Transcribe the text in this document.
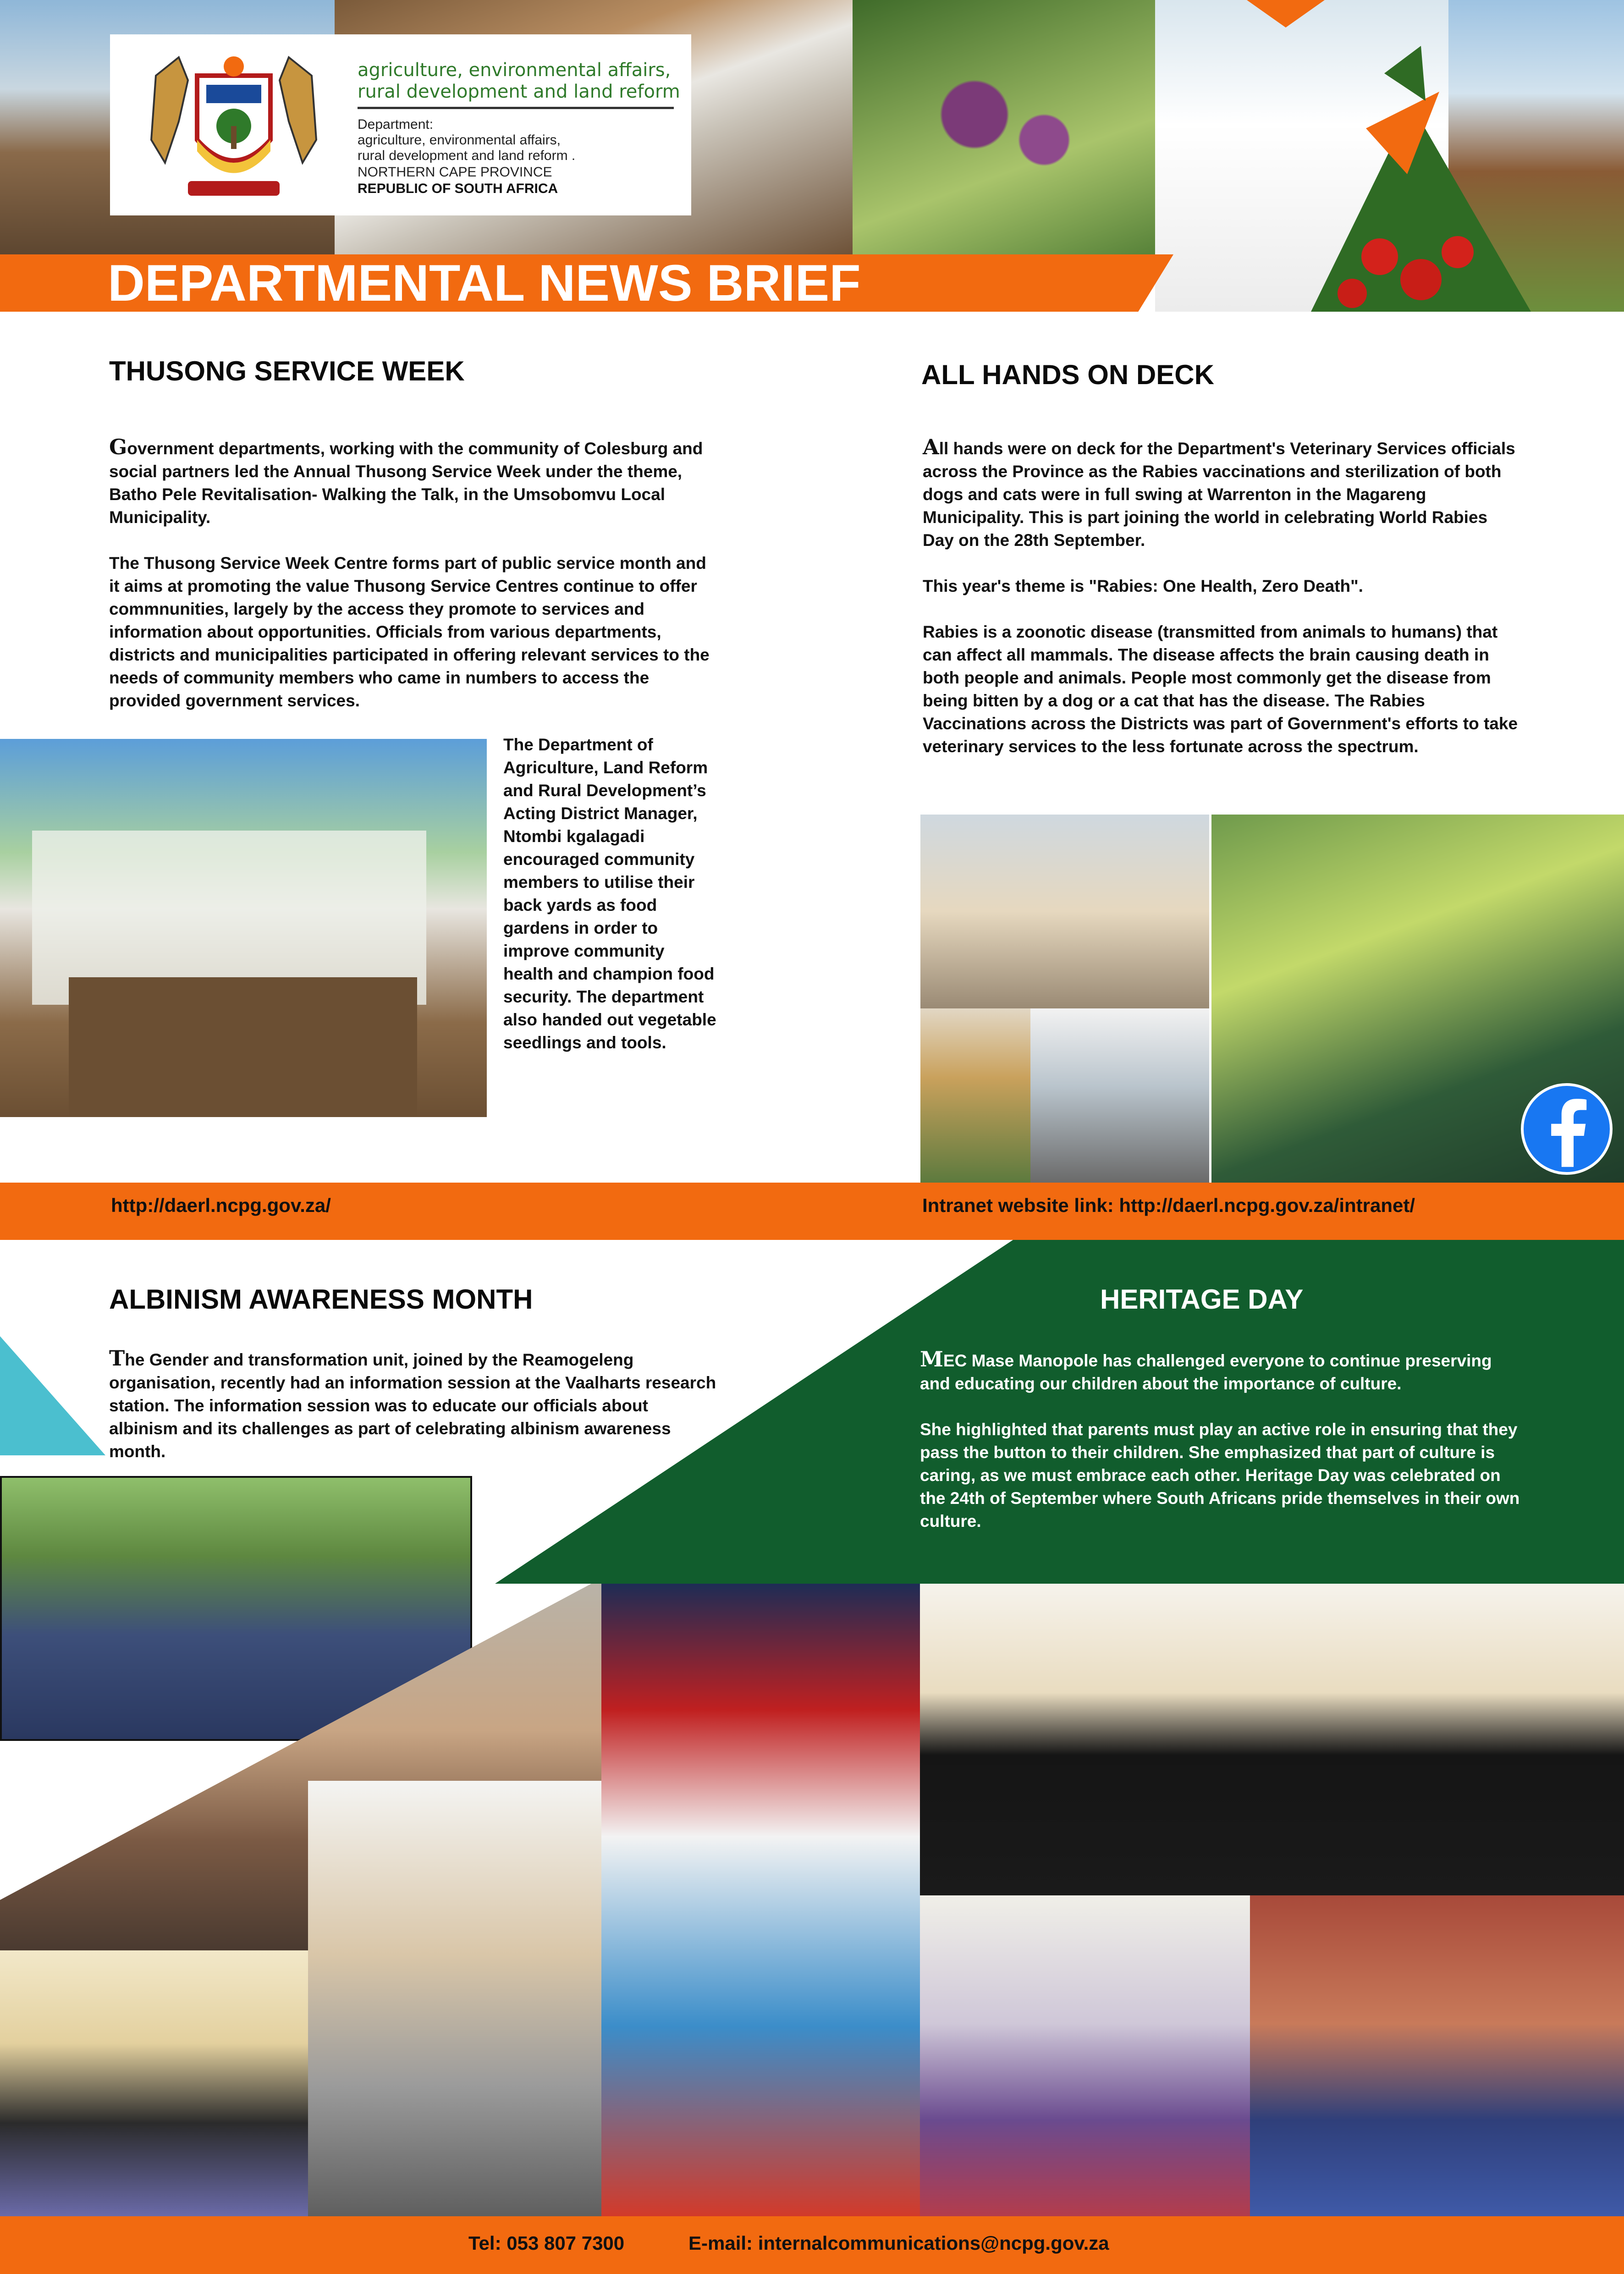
agriculture, environmental affairs,
rural development and land reform
Department:
agriculture, environmental affairs,
rural development and land reform .
NORTHERN CAPE PROVINCE
REPUBLIC OF SOUTH AFRICA
DEPARTMENTAL NEWS BRIEF
THUSONG SERVICE WEEK

Government departments, working with the community of Colesburg and social partners led the Annual Thusong Service Week under the theme, Batho Pele Revitalisation- Walking the Talk, in the Umsobomvu Local Municipality.

The Thusong Service Week Centre forms part of public service month and it aims at promoting the value Thusong Service Centres continue to offer commnunities, largely by the access they promote to services and information about opportunities. Officials from various departments, districts and municipalities participated in offering relevant services to the needs of community members who came in numbers to access the provided government services.

The Department of Agriculture, Land Reform and Rural Development’s Acting District Manager, Ntombi kgalagadi encouraged community members to utilise their back yards as food gardens in order to improve community health and champion food security. The department also handed out vegetable seedlings and tools.
ALL HANDS ON DECK

All hands were on deck for the Department's Veterinary Services officials across the Province as the Rabies vaccinations and sterilization of both dogs and cats were in full swing at Warrenton in the Magareng Municipality. This is part joining the world in celebrating World Rabies Day on the 28th September.

This year's theme is "Rabies: One Health, Zero Death".

Rabies is a zoonotic disease (transmitted from animals to humans) that can affect all mammals. The disease affects the brain causing death in both people and animals. People most commonly get the disease from being bitten by a dog or a cat that has the disease. The Rabies Vaccinations across the Districts was part of Government's efforts to take veterinary services to the less fortunate across the spectrum.

http://daerl.ncpg.gov.za/	Intranet website link: http://daerl.ncpg.gov.za/intranet/
ALBINISM AWARENESS MONTH

The Gender and transformation unit, joined by the Reamogeleng organisation, recently had an information session at the Vaalharts research station. The information session was to educate our officials about albinism and its challenges as part of celebrating albinism awareness month.

HERITAGE DAY

MEC Mase Manopole has challenged everyone to continue preserving and educating our children about the importance of culture.

She highlighted that parents must play an active role in ensuring that they pass the button to their children. She emphasized that part of culture is caring, as we must embrace each other. Heritage Day was celebrated on the 24th of September where South Africans pride themselves in their own culture.

Tel: 053 807 7300	E-mail: internalcommunications@ncpg.gov.za
